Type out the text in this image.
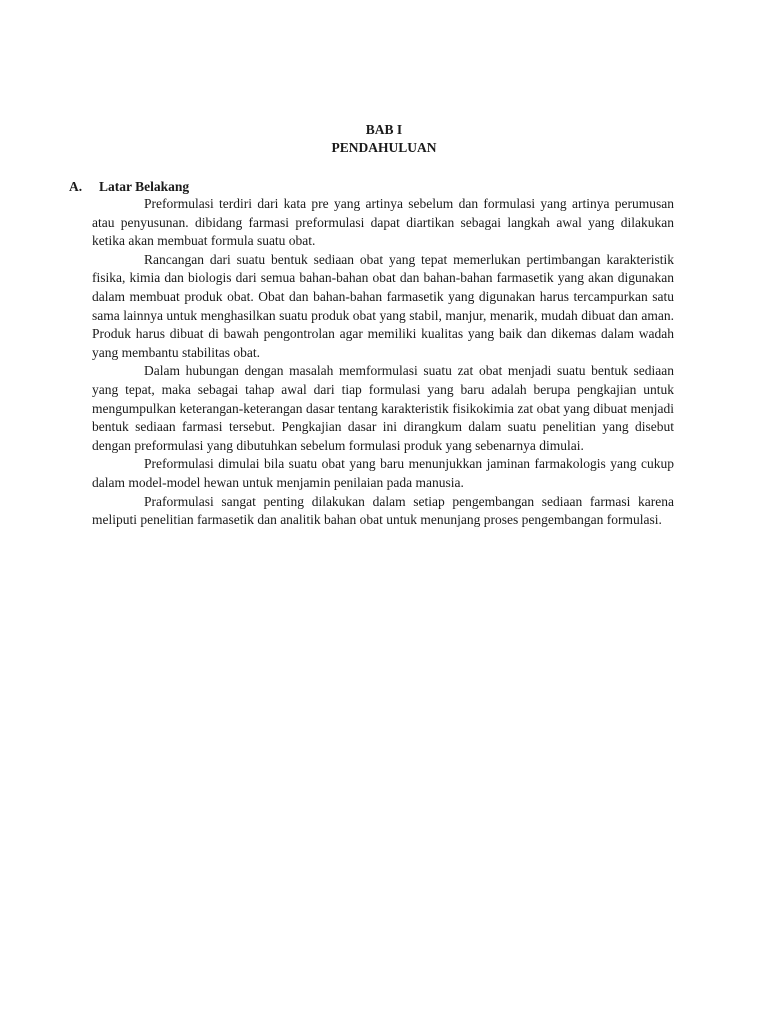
BAB I
PENDAHULUAN
A. Latar Belakang

Preformulasi terdiri dari kata pre yang artinya sebelum dan formulasi yang artinya perumusan atau penyusunan. dibidang farmasi preformulasi dapat diartikan sebagai langkah awal yang dilakukan ketika akan membuat formula suatu obat.

Rancangan dari suatu bentuk sediaan obat yang tepat memerlukan pertimbangan karakteristik fisika, kimia dan biologis dari semua bahan-bahan obat dan bahan-bahan farmasetik yang akan digunakan dalam membuat produk obat. Obat dan bahan-bahan farmasetik yang digunakan harus tercampurkan satu sama lainnya untuk menghasilkan suatu produk obat yang stabil, manjur, menarik, mudah dibuat dan aman. Produk harus dibuat di bawah pengontrolan agar memiliki kualitas yang baik dan dikemas dalam wadah yang membantu stabilitas obat.

Dalam hubungan dengan masalah memformulasi suatu zat obat menjadi suatu bentuk sediaan yang tepat, maka sebagai tahap awal dari tiap formulasi yang baru adalah berupa pengkajian untuk mengumpulkan keterangan-keterangan dasar tentang karakteristik fisikokimia zat obat yang dibuat menjadi bentuk sediaan farmasi tersebut. Pengkajian dasar ini dirangkum dalam suatu penelitian yang disebut dengan preformulasi yang dibutuhkan sebelum formulasi produk yang sebenarnya dimulai.

Preformulasi dimulai bila suatu obat yang baru menunjukkan jaminan farmakologis yang cukup dalam model-model hewan untuk menjamin penilaian pada manusia.

Praformulasi sangat penting dilakukan dalam setiap pengembangan sediaan farmasi karena meliputi penelitian farmasetik dan analitik bahan obat untuk menunjang proses pengembangan formulasi.
